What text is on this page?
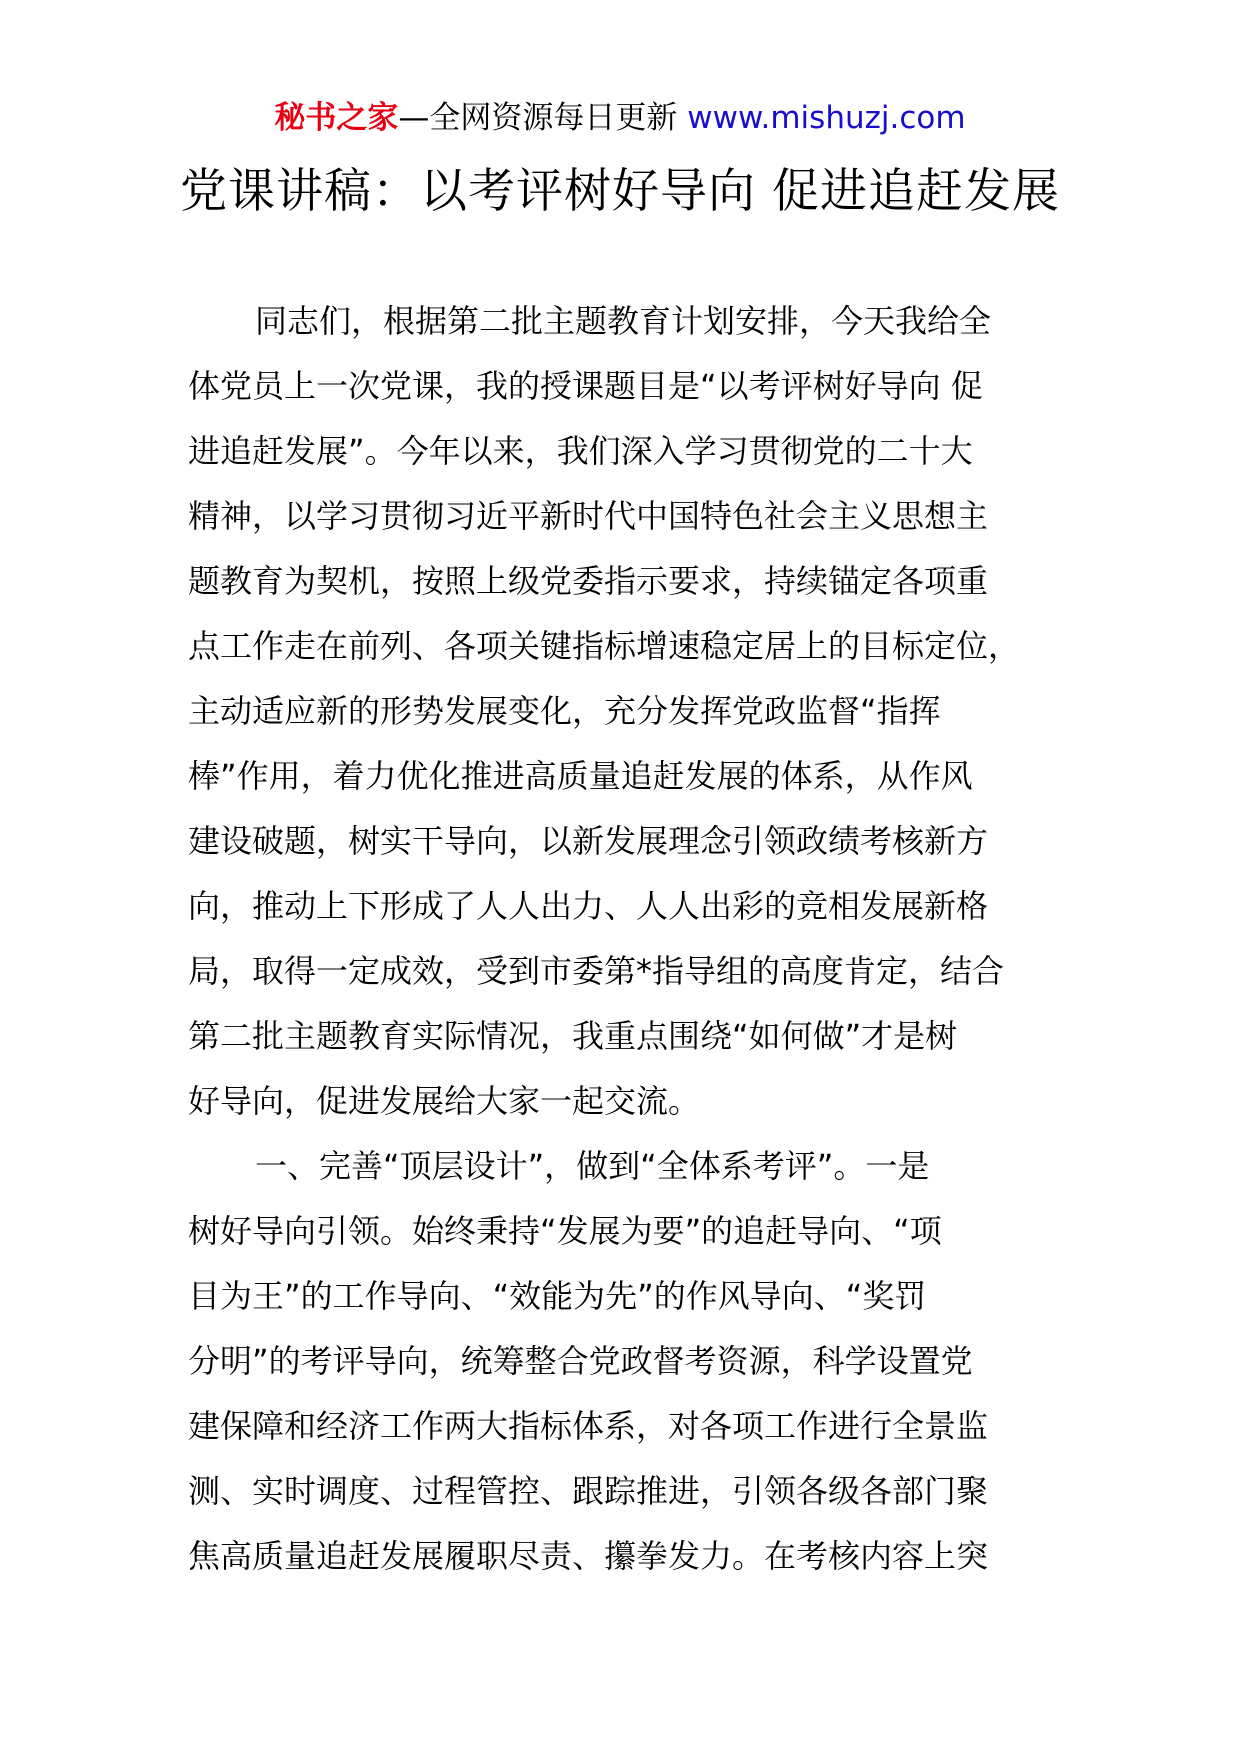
秘书之家—全网资源每日更新 www.mishuzj.com
党课讲稿：以考评树好导向 促进追赶发展
同志们，根据第二批主题教育计划安排，今天我给全
体党员上一次党课，我的授课题目是“以考评树好导向 促
进追赶发展”。今年以来，我们深入学习贯彻党的二十大
精神，以学习贯彻习近平新时代中国特色社会主义思想主
题教育为契机，按照上级党委指示要求，持续锚定各项重
点工作走在前列、各项关键指标增速稳定居上的目标定位，
主动适应新的形势发展变化，充分发挥党政监督“指挥
棒”作用，着力优化推进高质量追赶发展的体系，从作风
建设破题，树实干导向，以新发展理念引领政绩考核新方
向，推动上下形成了人人出力、人人出彩的竞相发展新格
局，取得一定成效，受到市委第*指导组的高度肯定，结合
第二批主题教育实际情况，我重点围绕“如何做”才是树
好导向，促进发展给大家一起交流。
一、完善“顶层设计”，做到“全体系考评”。一是
树好导向引领。始终秉持“发展为要”的追赶导向、“项
目为王”的工作导向、“效能为先”的作风导向、“奖罚
分明”的考评导向，统筹整合党政督考资源，科学设置党
建保障和经济工作两大指标体系，对各项工作进行全景监
测、实时调度、过程管控、跟踪推进，引领各级各部门聚
焦高质量追赶发展履职尽责、攥拳发力。在考核内容上突
